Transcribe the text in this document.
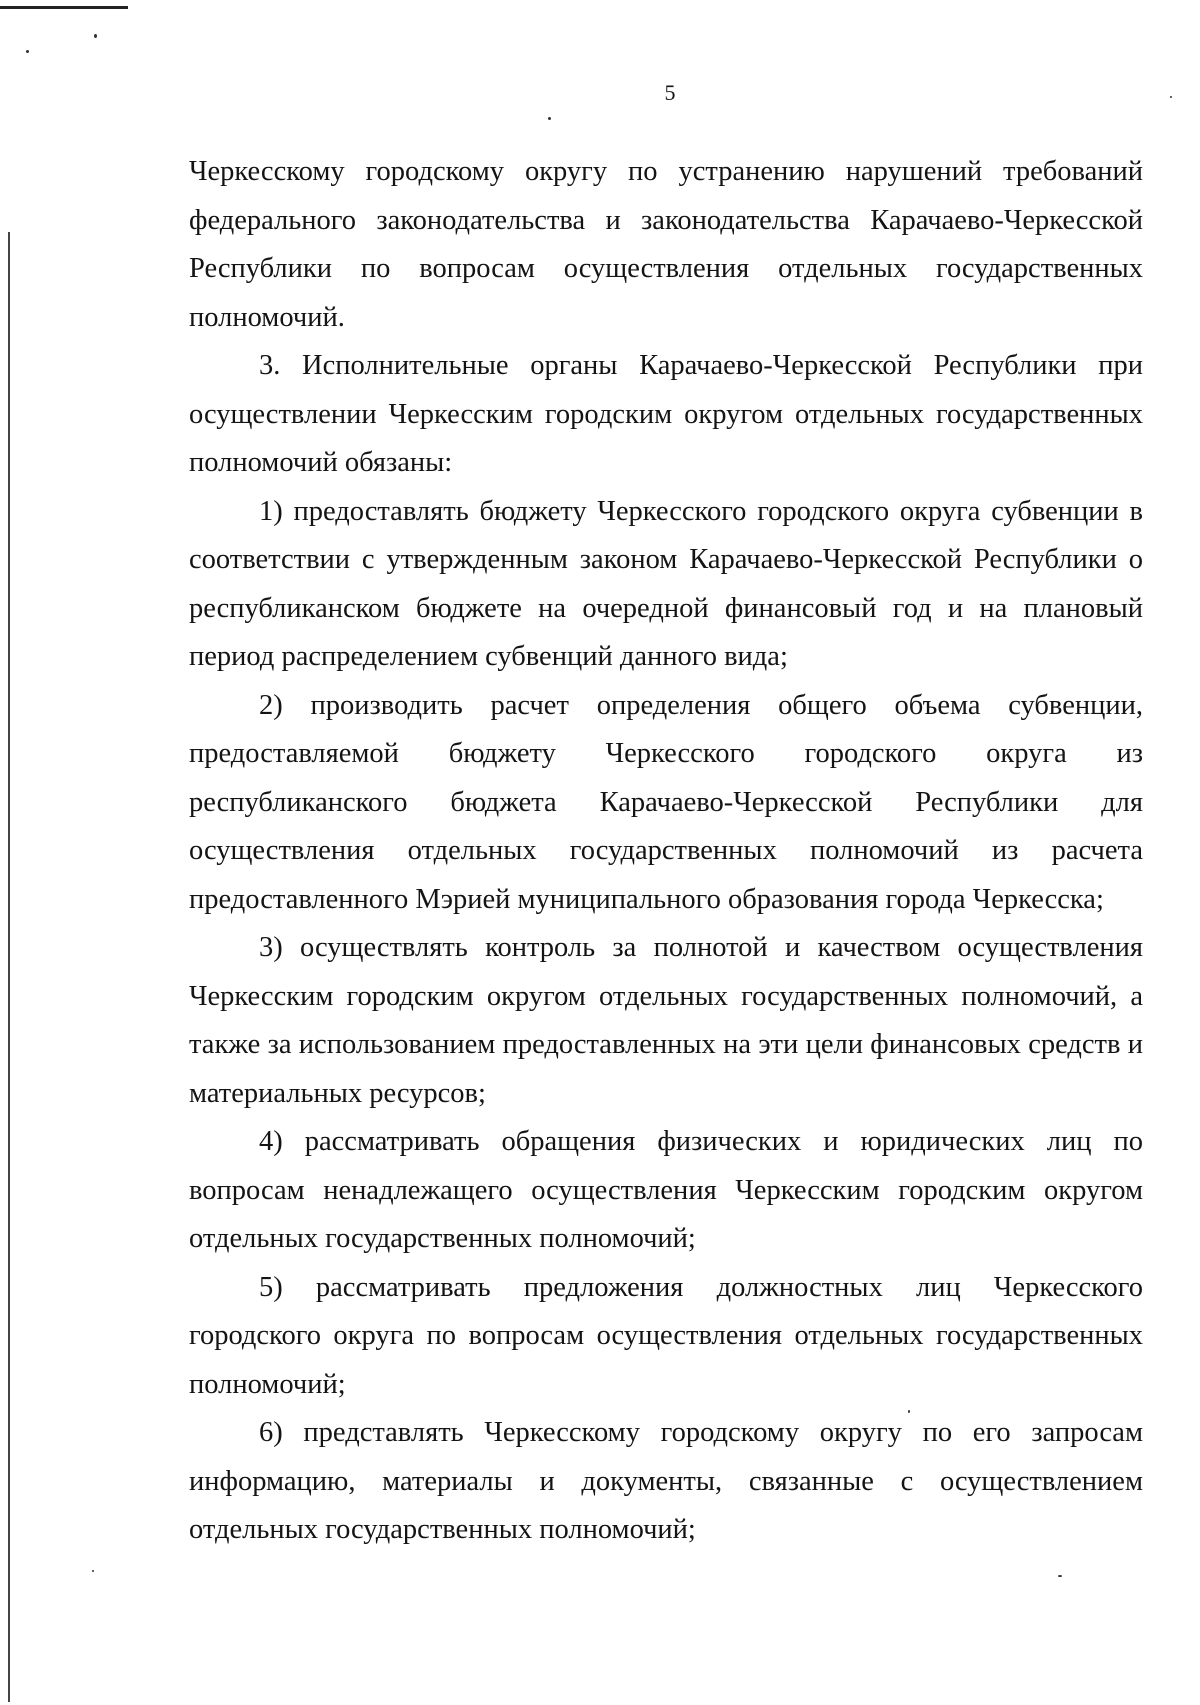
5

Черкесскому городскому округу по устранению нарушений требований федерального законодательства и законодательства Карачаево-Черкесской Республики по вопросам осуществления отдельных государственных полномочий.

3. Исполнительные органы Карачаево-Черкесской Республики при осуществлении Черкесским городским округом отдельных государственных полномочий обязаны:

1) предоставлять бюджету Черкесского городского округа субвенции в соответствии с утвержденным законом Карачаево-Черкесской Республики о республиканском бюджете на очередной финансовый год и на плановый период распределением субвенций данного вида;

2) производить расчет определения общего объема субвенции, предоставляемой бюджету Черкесского городского округа из республиканского бюджета Карачаево-Черкесской Республики для осуществления отдельных государственных полномочий из расчета предоставленного Мэрией муниципального образования города Черкесска;

3) осуществлять контроль за полнотой и качеством осуществления Черкесским городским округом отдельных государственных полномочий, а также за использованием предоставленных на эти цели финансовых средств и материальных ресурсов;

4) рассматривать обращения физических и юридических лиц по вопросам ненадлежащего осуществления Черкесским городским округом отдельных государственных полномочий;

5) рассматривать предложения должностных лиц Черкесского городского округа по вопросам осуществления отдельных государственных полномочий;

6) представлять Черкесскому городскому округу по его запросам информацию, материалы и документы, связанные с осуществлением отдельных государственных полномочий;
